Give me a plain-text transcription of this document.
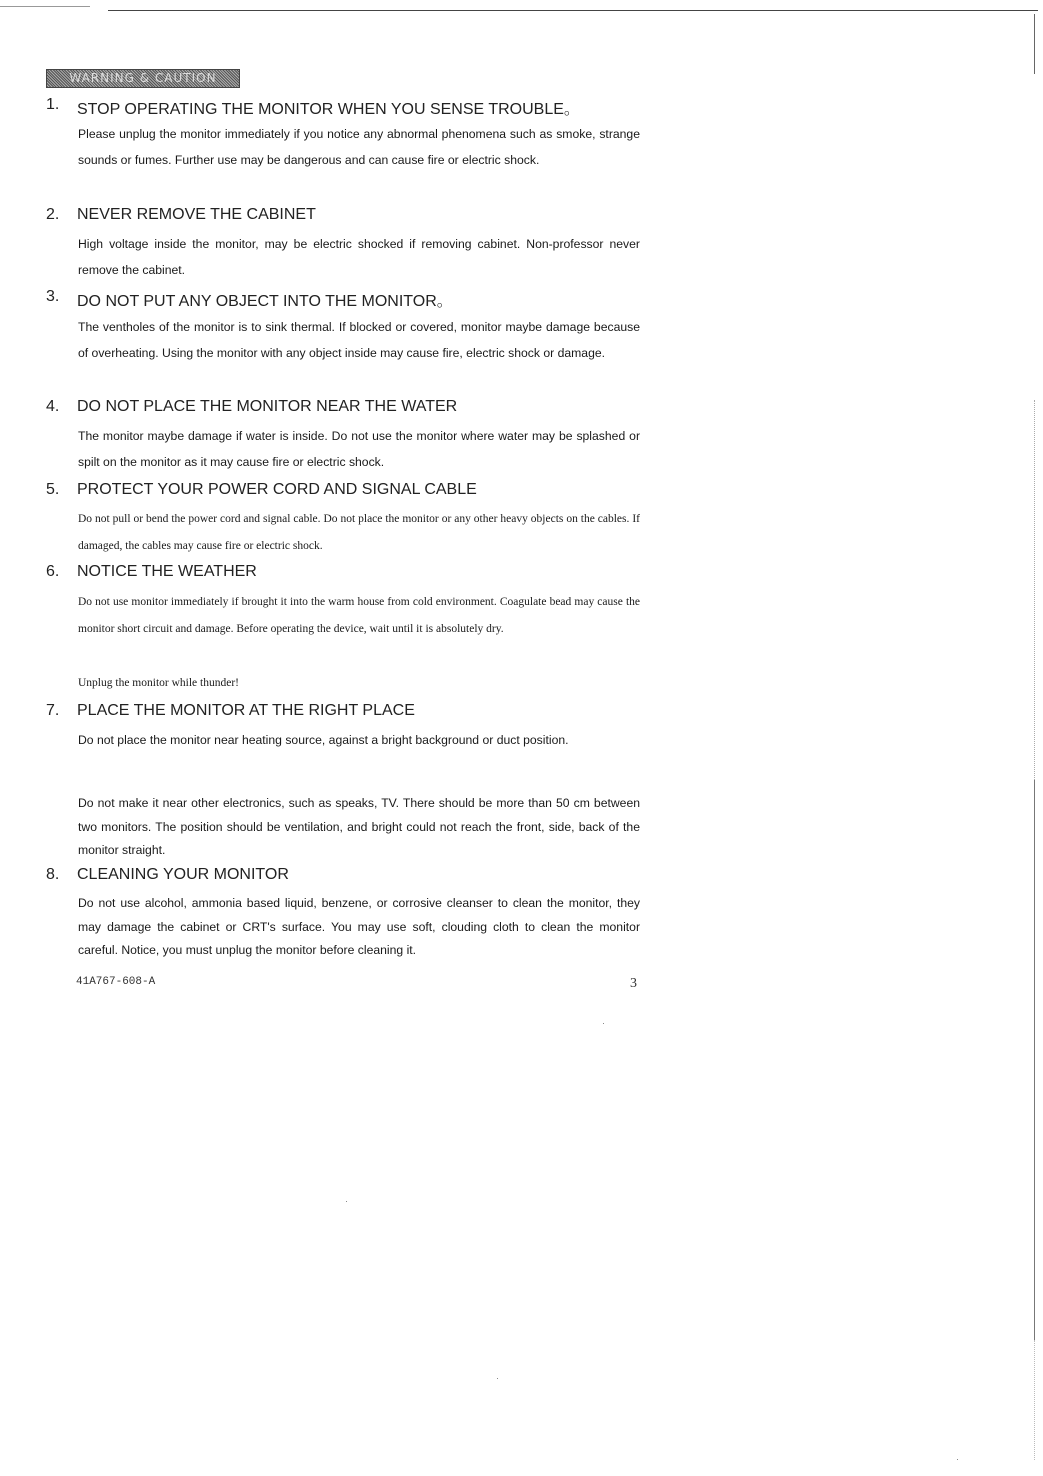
WARNING & CAUTION
1. STOP OPERATING THE MONITOR WHEN YOU SENSE TROUBLE。
Please unplug the monitor immediately if you notice any abnormal phenomena such as smoke, strange sounds or fumes. Further use may be dangerous and can cause fire or electric shock.
2. NEVER REMOVE THE CABINET
High voltage inside the monitor, may be electric shocked if removing cabinet. Non-professor never remove the cabinet.
3. DO NOT PUT ANY OBJECT INTO THE MONITOR。
The ventholes of the monitor is to sink thermal. If blocked or covered, monitor maybe damage because of overheating. Using the monitor with any object inside may cause fire, electric shock or damage.
4. DO NOT PLACE THE MONITOR NEAR THE WATER
The monitor maybe damage if water is inside. Do not use the monitor where water may be splashed or spilt on the monitor as it may cause fire or electric shock.
5. PROTECT YOUR POWER CORD AND SIGNAL CABLE
Do not pull or bend the power cord and signal cable. Do not place the monitor or any other heavy objects on the cables. If damaged, the cables may cause fire or electric shock.
6. NOTICE THE WEATHER
Do not use monitor immediately if brought it into the warm house from cold environment. Coagulate bead may cause the monitor short circuit and damage. Before operating the device, wait until it is absolutely dry.
Unplug the monitor while thunder!
7. PLACE THE MONITOR AT THE RIGHT PLACE
Do not place the monitor near heating source, against a bright background or duct position.
Do not make it near other electronics, such as speaks, TV. There should be more than 50 cm between two monitors. The position should be ventilation, and bright could not reach the front, side, back of the monitor straight.
8. CLEANING YOUR MONITOR
Do not use alcohol, ammonia based liquid, benzene, or corrosive cleanser to clean the monitor, they may damage the cabinet or CRT's surface. You may use soft, clouding cloth to clean the monitor careful. Notice, you must unplug the monitor before cleaning it.
41A767-608-A	3
